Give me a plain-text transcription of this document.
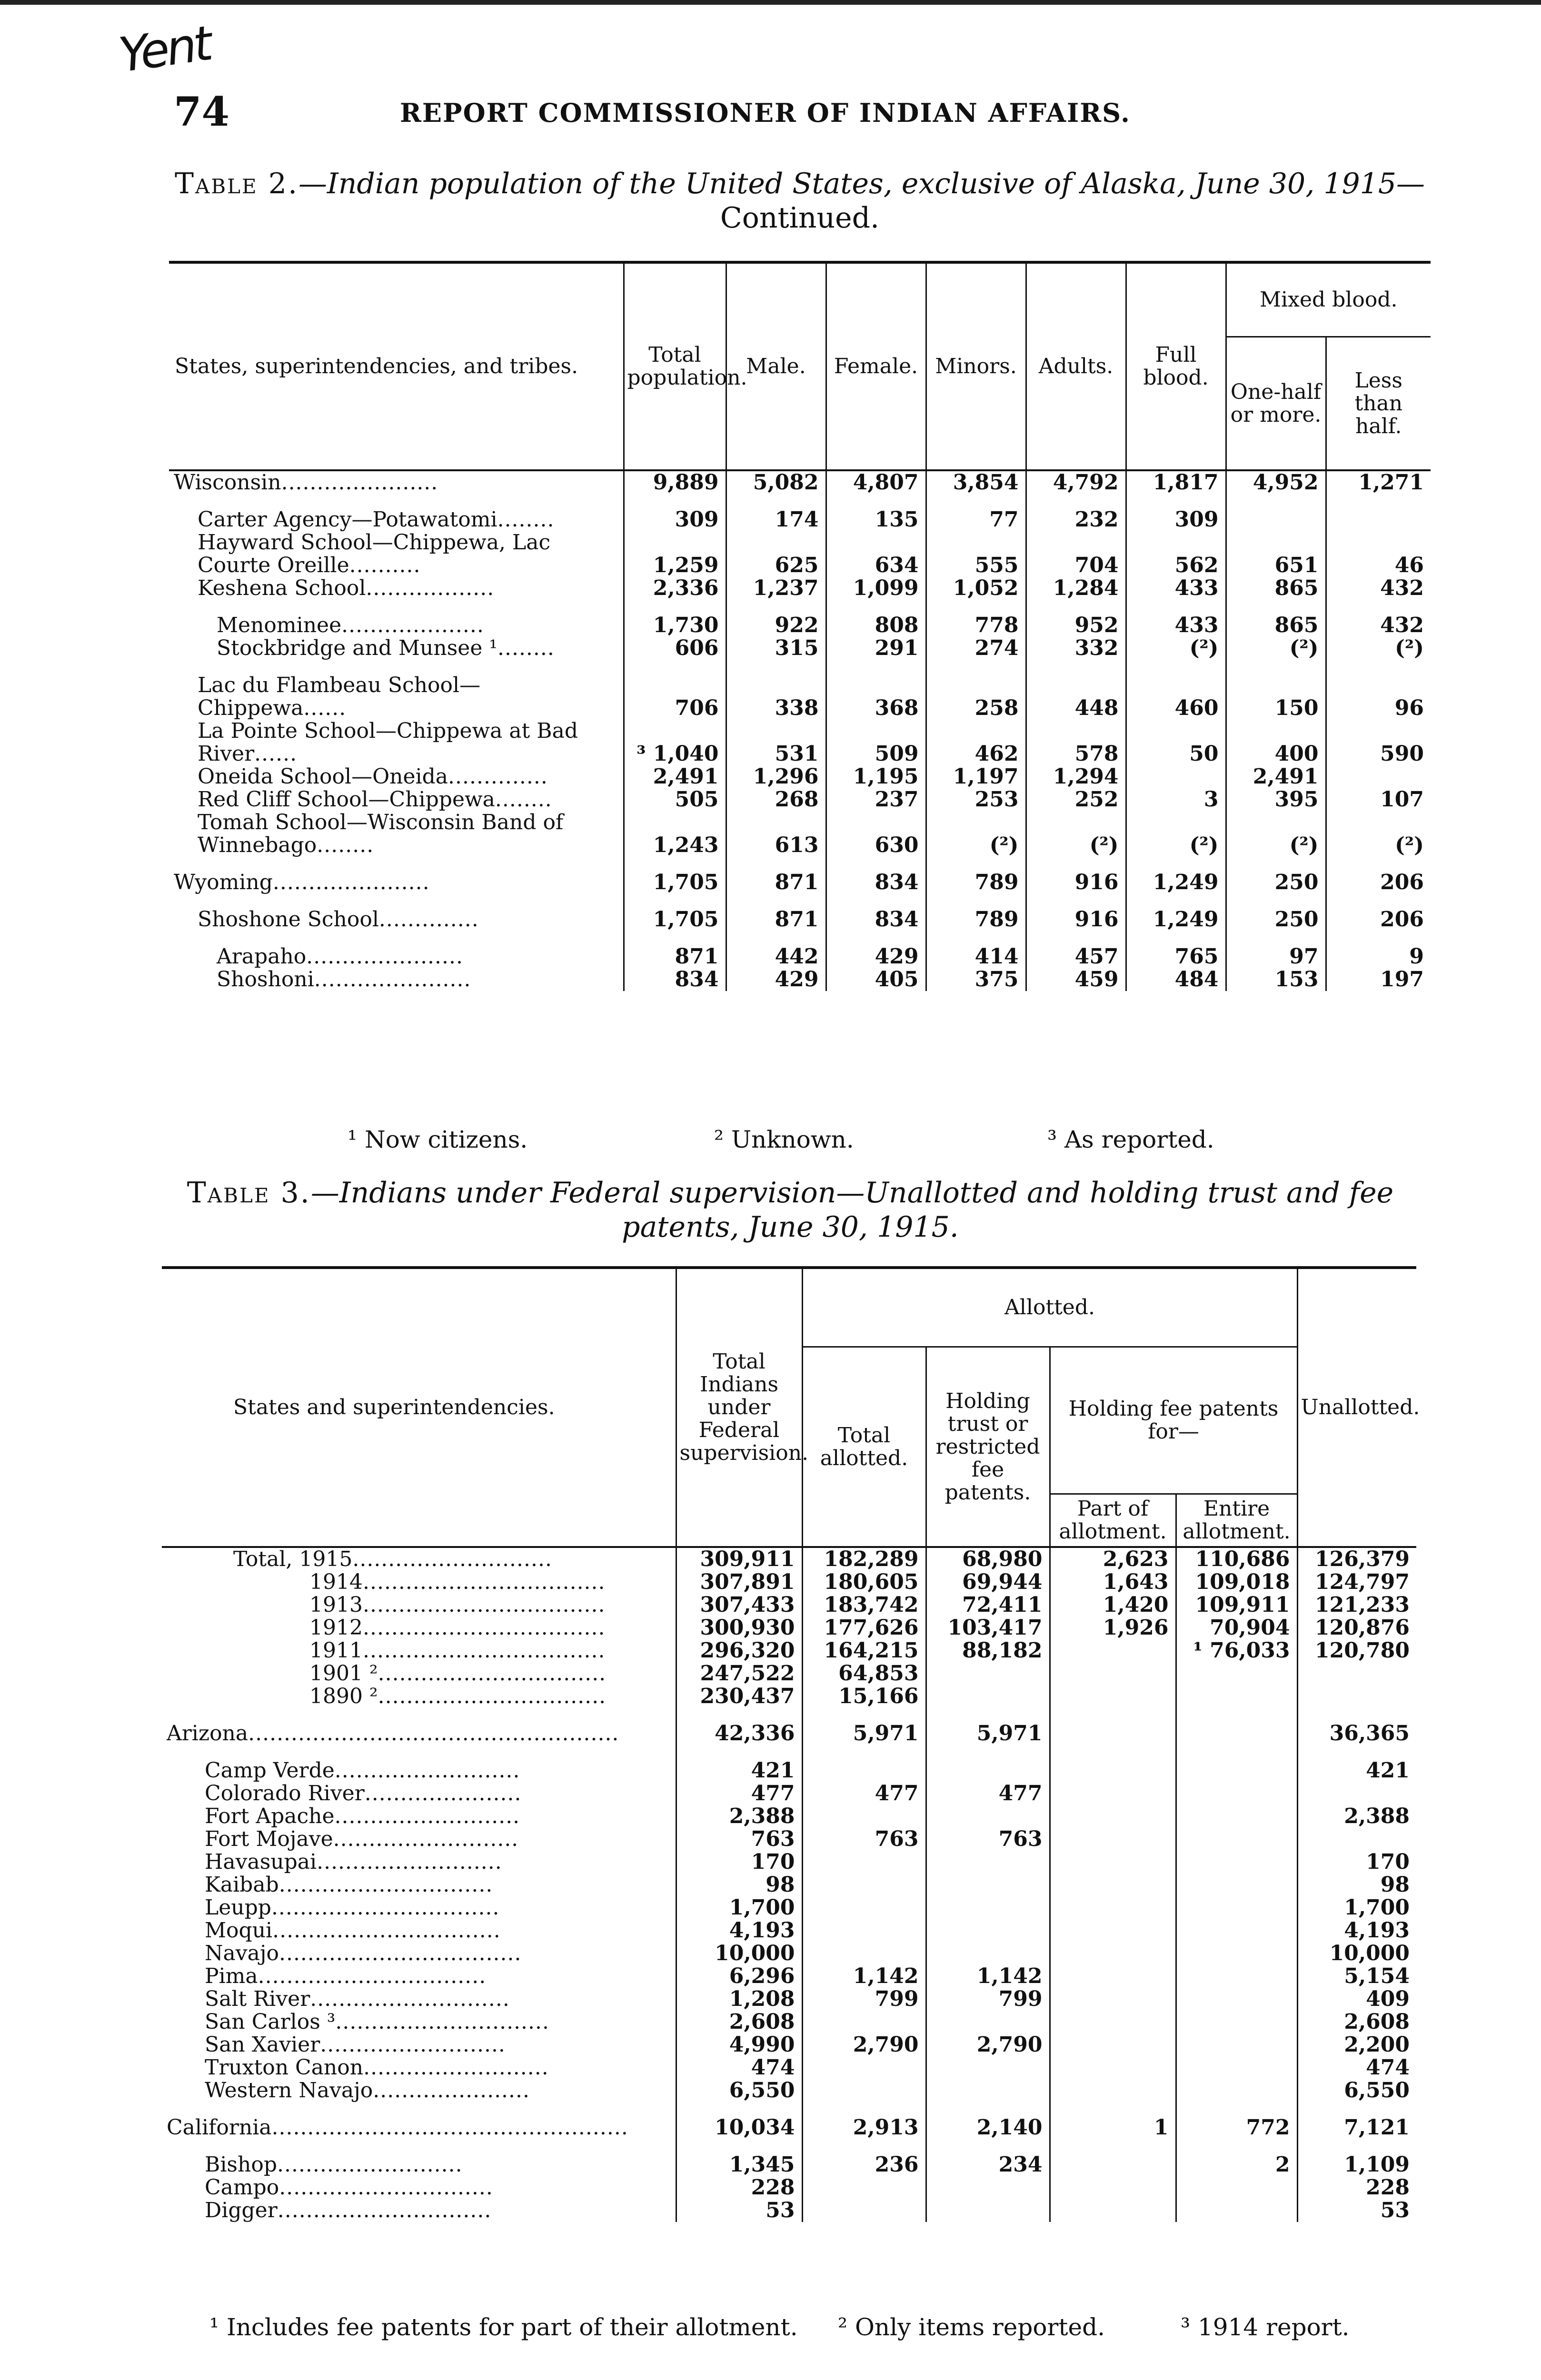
Yent
74	REPORT COMMISSIONER OF INDIAN AFFAIRS.
Table 2.—Indian population of the United States, exclusive of Alaska, June 30, 1915—
Continued.
States, superintendencies, and tribes.	Total population.	Male.	Female.	Minors.	Adults.	Full blood.	Mixed blood.	
							One-half or more.	Less than half.
Wisconsin......................	9,889	5,082	4,807	3,854	4,792	1,817	4,952	1,271

Carter Agency—Potawatomi........	309	174	135	77	232	309		
Hayward School—Chippewa, Lac Courte Oreille..........	1,259	625	634	555	704	562	651	46
Keshena School..................	2,336	1,237	1,099	1,052	1,284	433	865	432

Menominee....................	1,730	922	808	778	952	433	865	432
Stockbridge and Munsee ¹........	606	315	291	274	332	(²)	(²)	(²)

Lac du Flambeau School—Chippewa......	706	338	368	258	448	460	150	96
La Pointe School—Chippewa at Bad River......	³ 1,040	531	509	462	578	50	400	590
Oneida School—Oneida..............	2,491	1,296	1,195	1,197	1,294		2,491	
Red Cliff School—Chippewa........	505	268	237	253	252	3	395	107
Tomah School—Wisconsin Band of Winnebago........	1,243	613	630	(²)	(²)	(²)	(²)	(²)

Wyoming......................	1,705	871	834	789	916	1,249	250	206

Shoshone School..............	1,705	871	834	789	916	1,249	250	206

Arapaho......................	871	442	429	414	457	765	97	9
Shoshoni......................	834	429	405	375	459	484	153	197
¹ Now citizens.	² Unknown.	³ As reported.
Table 3.—Indians under Federal supervision—Unallotted and holding trust and fee
patents, June 30, 1915.
States and superintendencies.	Total Indians under Federal supervision.	Allotted.				Unallotted.
		Total allotted.	Holding trust or restricted fee patents.	Holding fee patents for—		
				Part of allotment.	Entire allotment.	
Total, 1915............................	309,911	182,289	68,980	2,623	110,686	126,379
1914..................................	307,891	180,605	69,944	1,643	109,018	124,797
1913..................................	307,433	183,742	72,411	1,420	109,911	121,233
1912..................................	300,930	177,626	103,417	1,926	70,904	120,876
1911..................................	296,320	164,215	88,182		¹ 76,033	120,780
1901 ²................................	247,522	64,853				
1890 ²................................	230,437	15,166				

Arizona....................................................	42,336	5,971	5,971			36,365

Camp Verde..........................	421					421
Colorado River......................	477	477	477			
Fort Apache..........................	2,388					2,388
Fort Mojave..........................	763	763	763			
Havasupai..........................	170					170
Kaibab..............................	98					98
Leupp................................	1,700					1,700
Moqui................................	4,193					4,193
Navajo..................................	10,000					10,000
Pima................................	6,296	1,142	1,142			5,154
Salt River............................	1,208	799	799			409
San Carlos ³..............................	2,608					2,608
San Xavier..........................	4,990	2,790	2,790			2,200
Truxton Canon..........................	474					474
Western Navajo......................	6,550					6,550

California..................................................	10,034	2,913	2,140	1	772	7,121

Bishop..........................	1,345	236	234		2	1,109
Campo..............................	228					228
Digger..............................	53					53
¹ Includes fee patents for part of their allotment. ² Only items reported.	³ 1914 report.
